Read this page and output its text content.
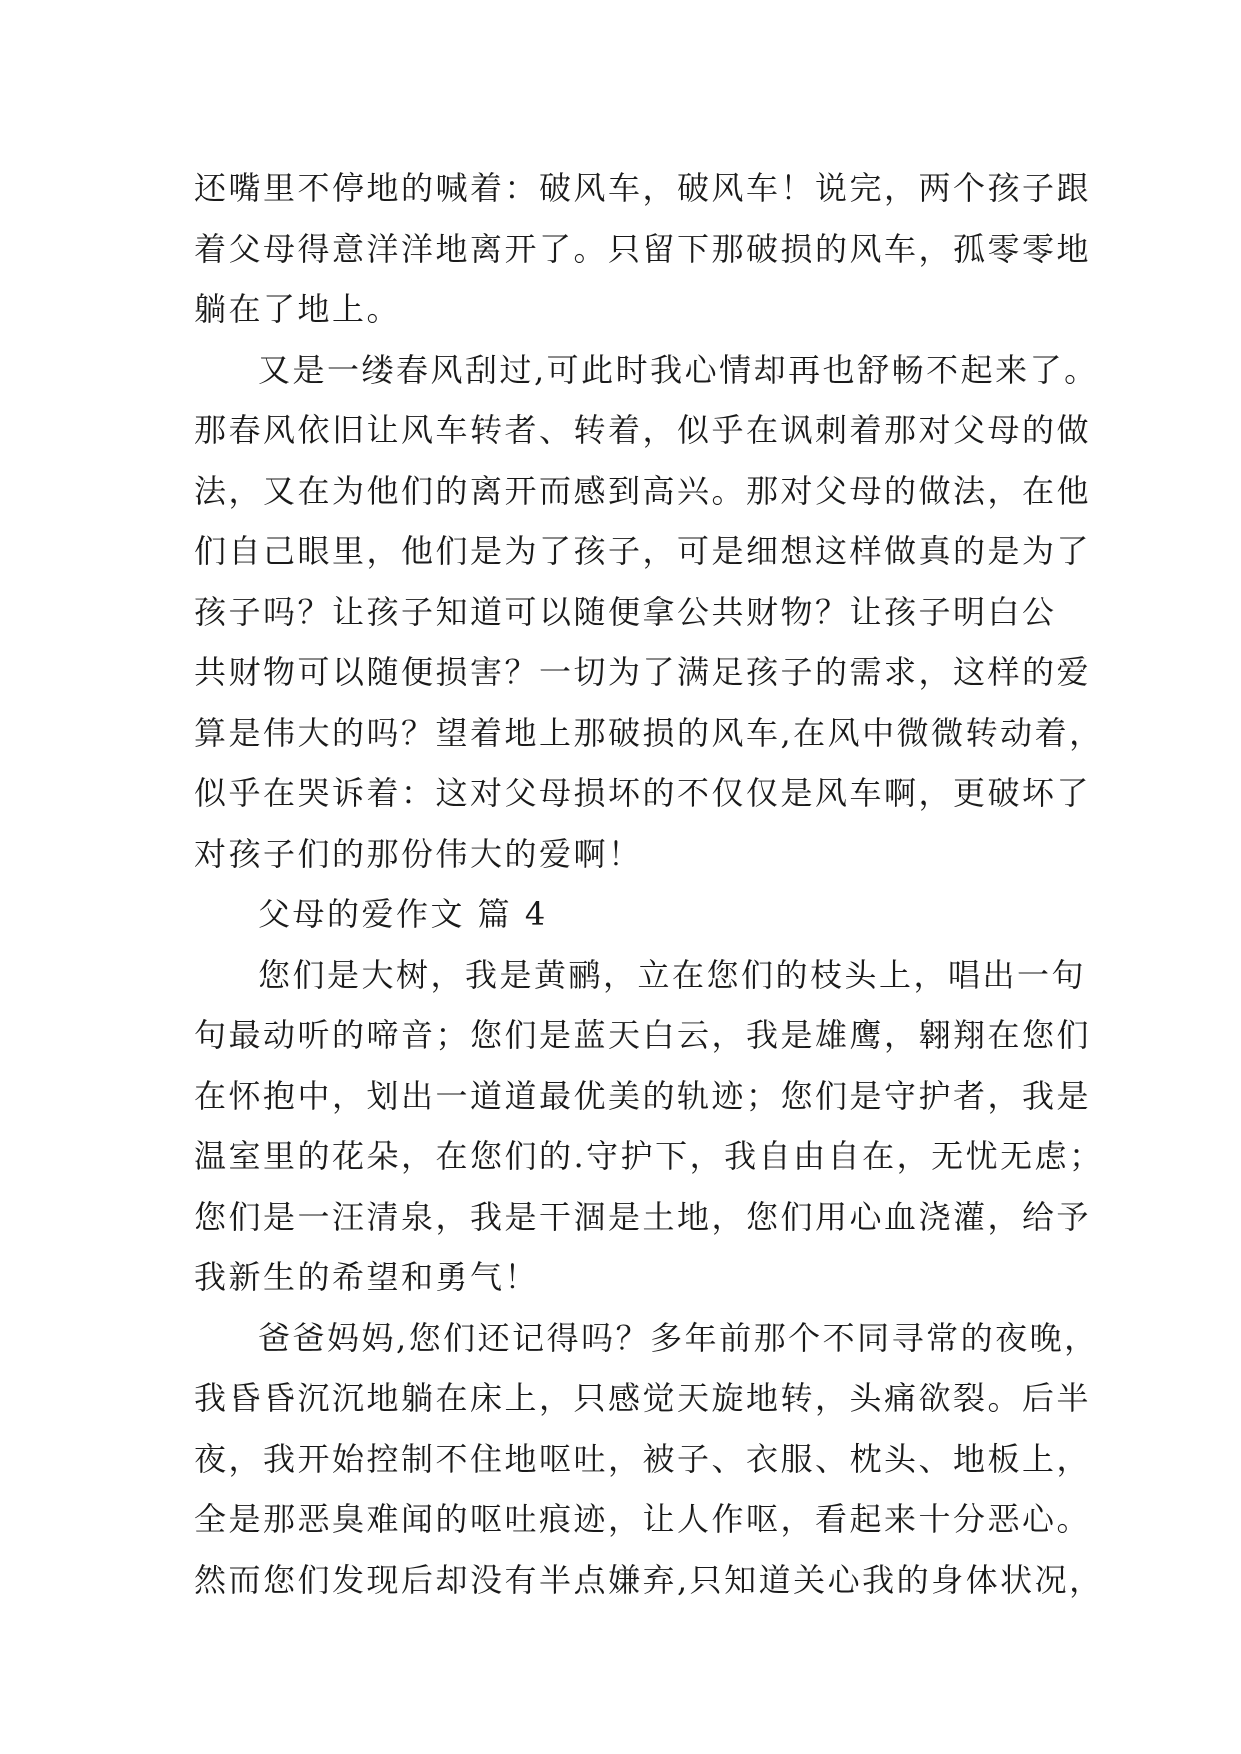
还嘴里不停地的喊着：破风车，破风车！说完，两个孩子跟
着父母得意洋洋地离开了。只留下那破损的风车，孤零零地
躺在了地上。
又是一缕春风刮过,可此时我心情却再也舒畅不起来了。
那春风依旧让风车转者、转着，似乎在讽刺着那对父母的做
法，又在为他们的离开而感到高兴。那对父母的做法，在他
们自己眼里，他们是为了孩子，可是细想这样做真的是为了
孩子吗？让孩子知道可以随便拿公共财物？让孩子明白公
共财物可以随便损害？一切为了满足孩子的需求，这样的爱
算是伟大的吗？望着地上那破损的风车,在风中微微转动着，
似乎在哭诉着：这对父母损坏的不仅仅是风车啊，更破坏了
对孩子们的那份伟大的爱啊！
父母的爱作文 篇 4
您们是大树，我是黄鹂，立在您们的枝头上，唱出一句
句最动听的啼音；您们是蓝天白云，我是雄鹰，翱翔在您们
在怀抱中，划出一道道最优美的轨迹；您们是守护者，我是
温室里的花朵，在您们的.守护下，我自由自在，无忧无虑；
您们是一汪清泉，我是干涸是土地，您们用心血浇灌，给予
我新生的希望和勇气！
爸爸妈妈,您们还记得吗？多年前那个不同寻常的夜晚，
我昏昏沉沉地躺在床上，只感觉天旋地转，头痛欲裂。后半
夜，我开始控制不住地呕吐，被子、衣服、枕头、地板上，
全是那恶臭难闻的呕吐痕迹，让人作呕，看起来十分恶心。
然而您们发现后却没有半点嫌弃,只知道关心我的身体状况，
